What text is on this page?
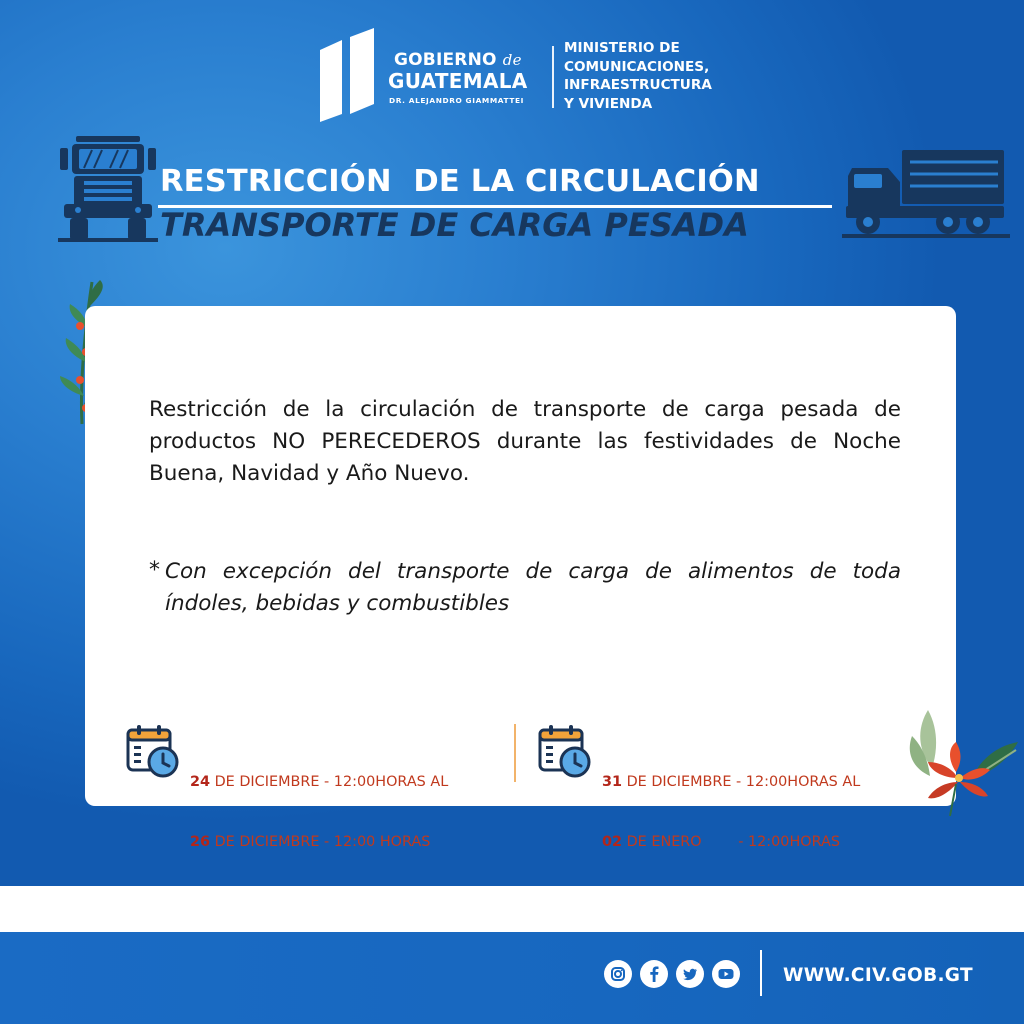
GOBIERNO de
GUATEMALA
DR. ALEJANDRO GIAMMATTEI
MINISTERIO DE
COMUNICACIONES,
INFRAESTRUCTURA
Y VIVIENDA
RESTRICCIÓN  DE LA CIRCULACIÓN
TRANSPORTE DE CARGA PESADA

Restricción de la circulación de transporte de carga pesada de productos NO PERECEDEROS durante las festividades de Noche Buena, Navidad y Año Nuevo.

* Con excepción del transporte de carga de alimentos de toda índoles, bebidas y combustibles

24 DE DICIEMBRE - 12:00HORAS AL

26 DE DICIEMBRE - 12:00 HORAS

31 DE DICIEMBRE - 12:00HORAS AL

02 DE ENERO        - 12:00HORAS

WWW.CIV.GOB.GT
